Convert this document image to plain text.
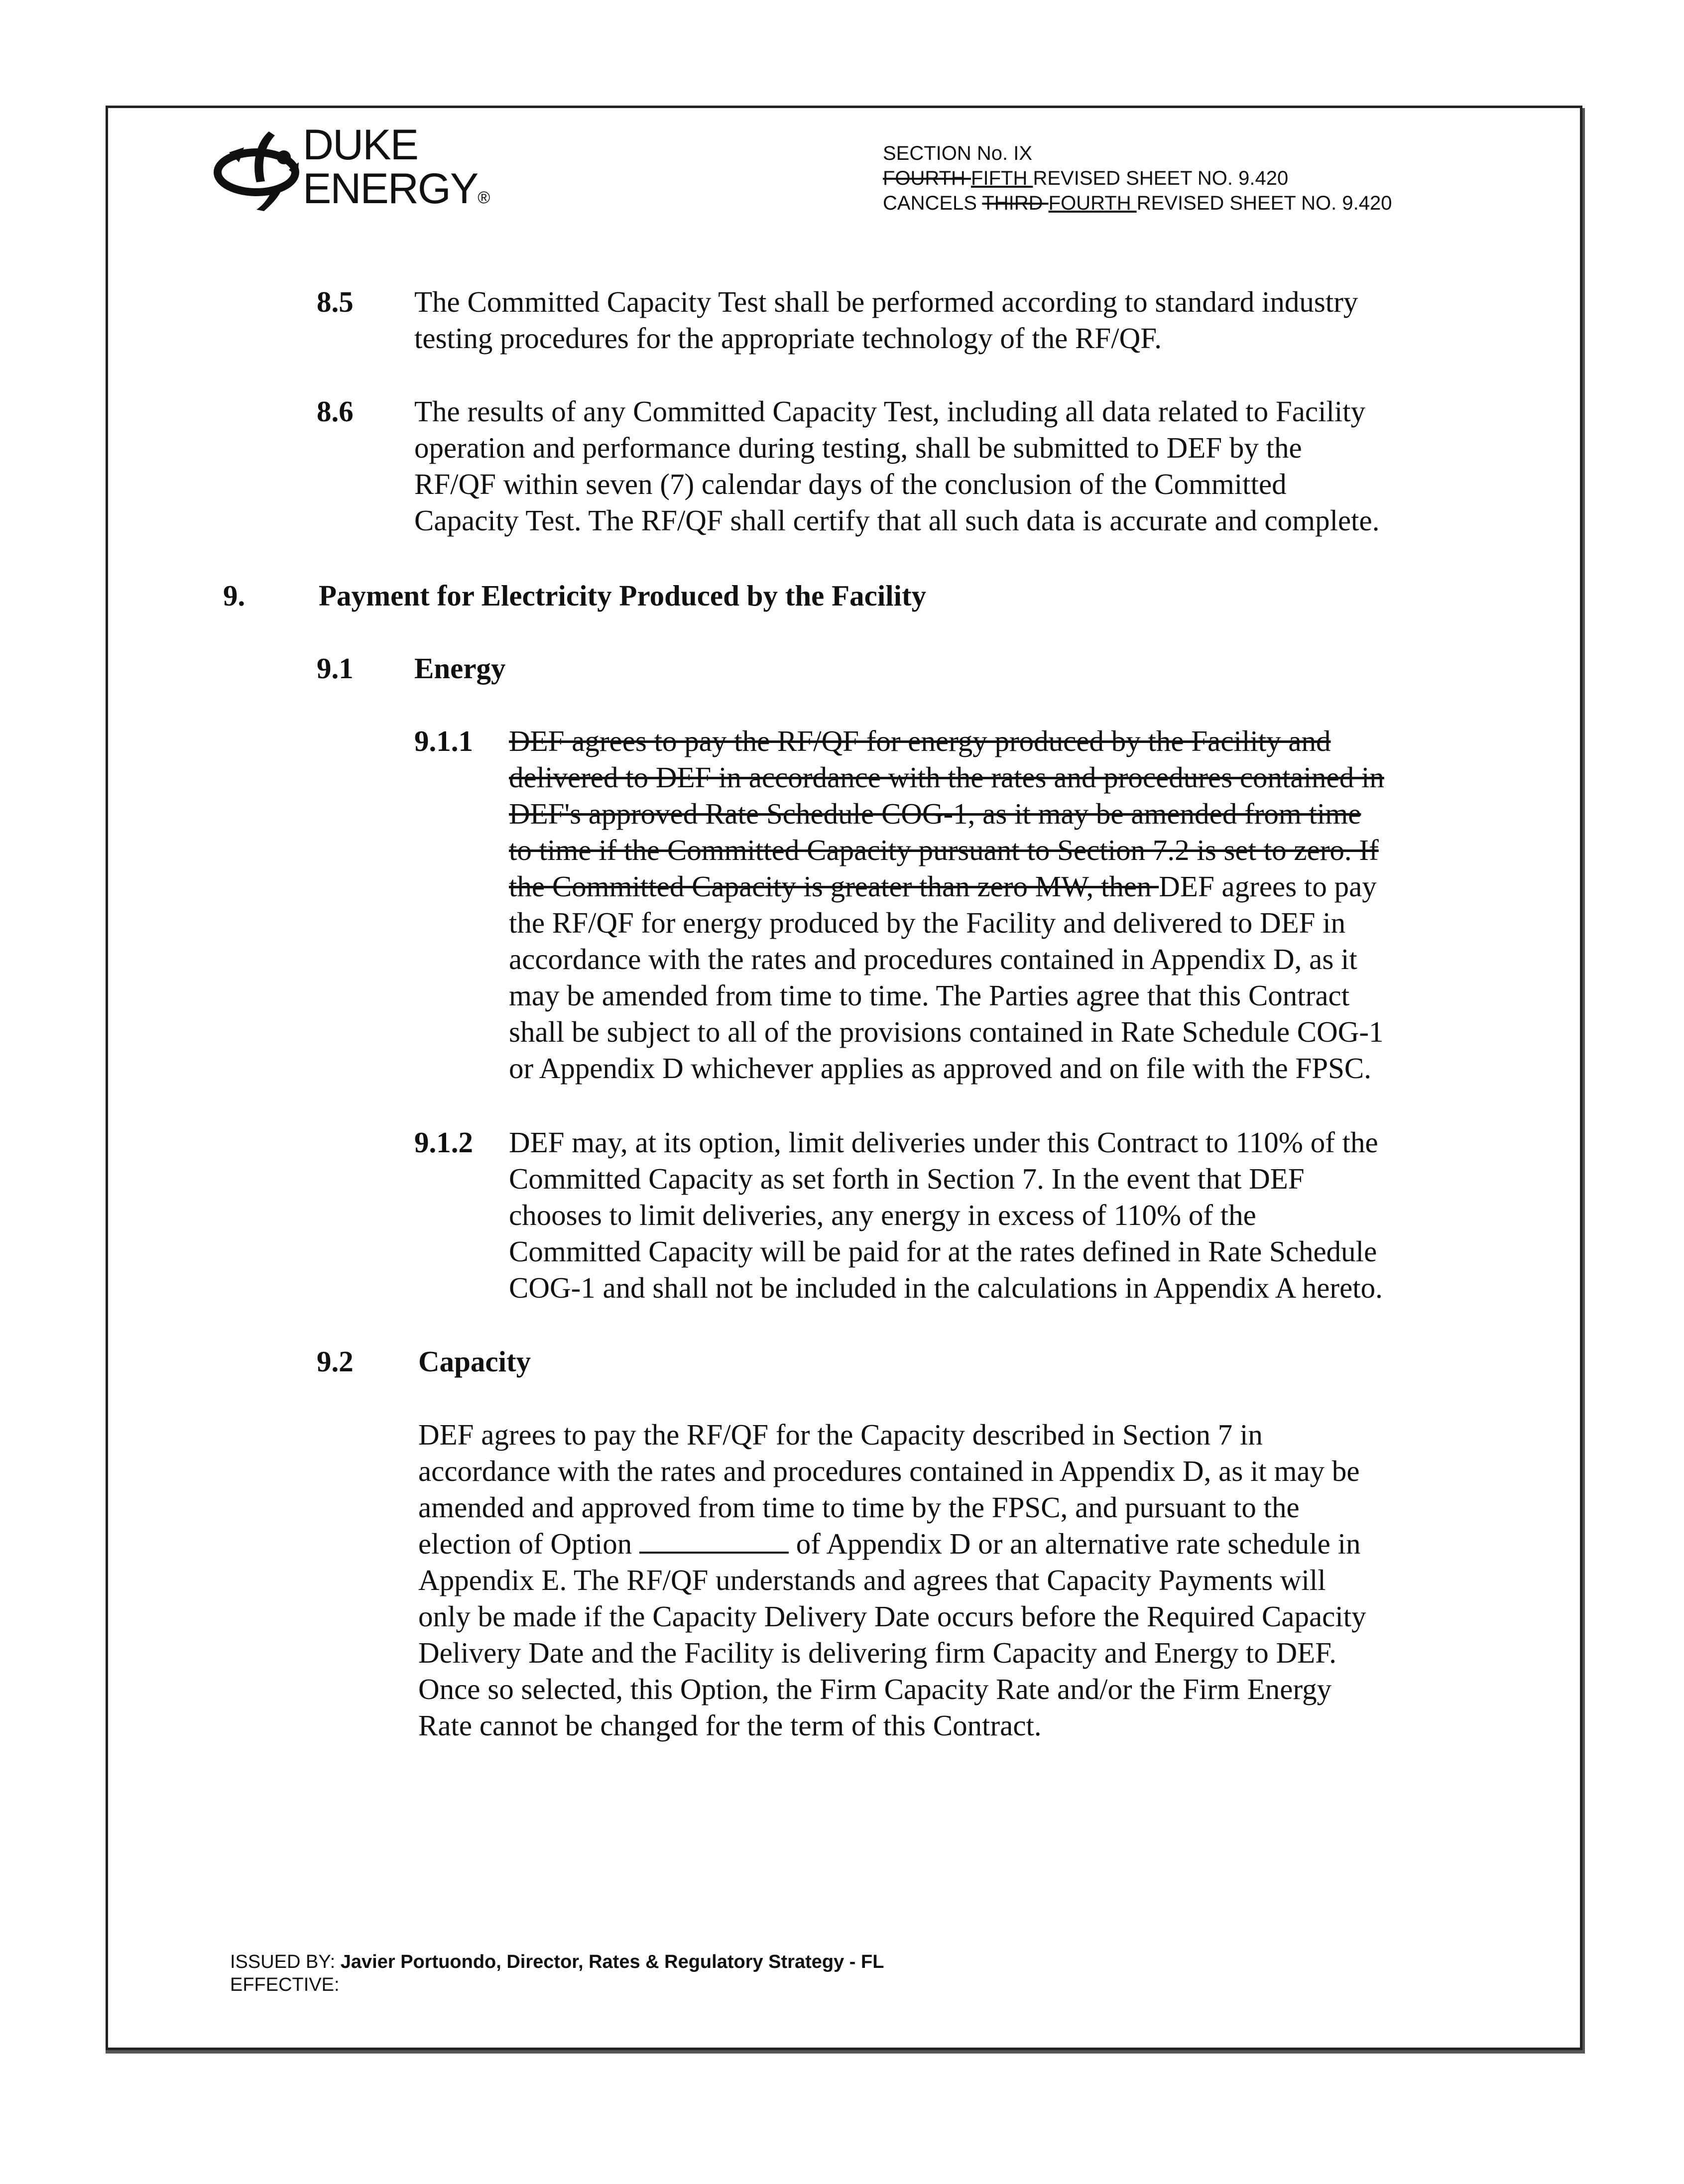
DUKE
ENERGY®
SECTION No. IX
FOURTH FIFTH REVISED SHEET NO. 9.420
CANCELS THIRD FOURTH REVISED SHEET NO. 9.420
8.5 The Committed Capacity Test shall be performed according to standard industry
testing procedures for the appropriate technology of the RF/QF.
8.6 The results of any Committed Capacity Test, including all data related to Facility
operation and performance during testing, shall be submitted to DEF by the
RF/QF within seven (7) calendar days of the conclusion of the Committed
Capacity Test. The RF/QF shall certify that all such data is accurate and complete.
9.	Payment for Electricity Produced by the Facility
9.1 Energy
9.1.1 DEF agrees to pay the RF/QF for energy produced by the Facility and
delivered to DEF in accordance with the rates and procedures contained in
DEF's approved Rate Schedule COG-1, as it may be amended from time
to time if the Committed Capacity pursuant to Section 7.2 is set to zero. If
the Committed Capacity is greater than zero MW, then DEF agrees to pay
the RF/QF for energy produced by the Facility and delivered to DEF in
accordance with the rates and procedures contained in Appendix D, as it
may be amended from time to time. The Parties agree that this Contract
shall be subject to all of the provisions contained in Rate Schedule COG-1
or Appendix D whichever applies as approved and on file with the FPSC.
9.1.2 DEF may, at its option, limit deliveries under this Contract to 110% of the
Committed Capacity as set forth in Section 7. In the event that DEF
chooses to limit deliveries, any energy in excess of 110% of the
Committed Capacity will be paid for at the rates defined in Rate Schedule
COG-1 and shall not be included in the calculations in Appendix A hereto.
9.2 Capacity
DEF agrees to pay the RF/QF for the Capacity described in Section 7 in
accordance with the rates and procedures contained in Appendix D, as it may be
amended and approved from time to time by the FPSC, and pursuant to the
election of Option	of Appendix D or an alternative rate schedule in
Appendix E. The RF/QF understands and agrees that Capacity Payments will
only be made if the Capacity Delivery Date occurs before the Required Capacity
Delivery Date and the Facility is delivering firm Capacity and Energy to DEF.
Once so selected, this Option, the Firm Capacity Rate and/or the Firm Energy
Rate cannot be changed for the term of this Contract.
ISSUED BY: Javier Portuondo, Director, Rates & Regulatory Strategy - FL
EFFECTIVE:
